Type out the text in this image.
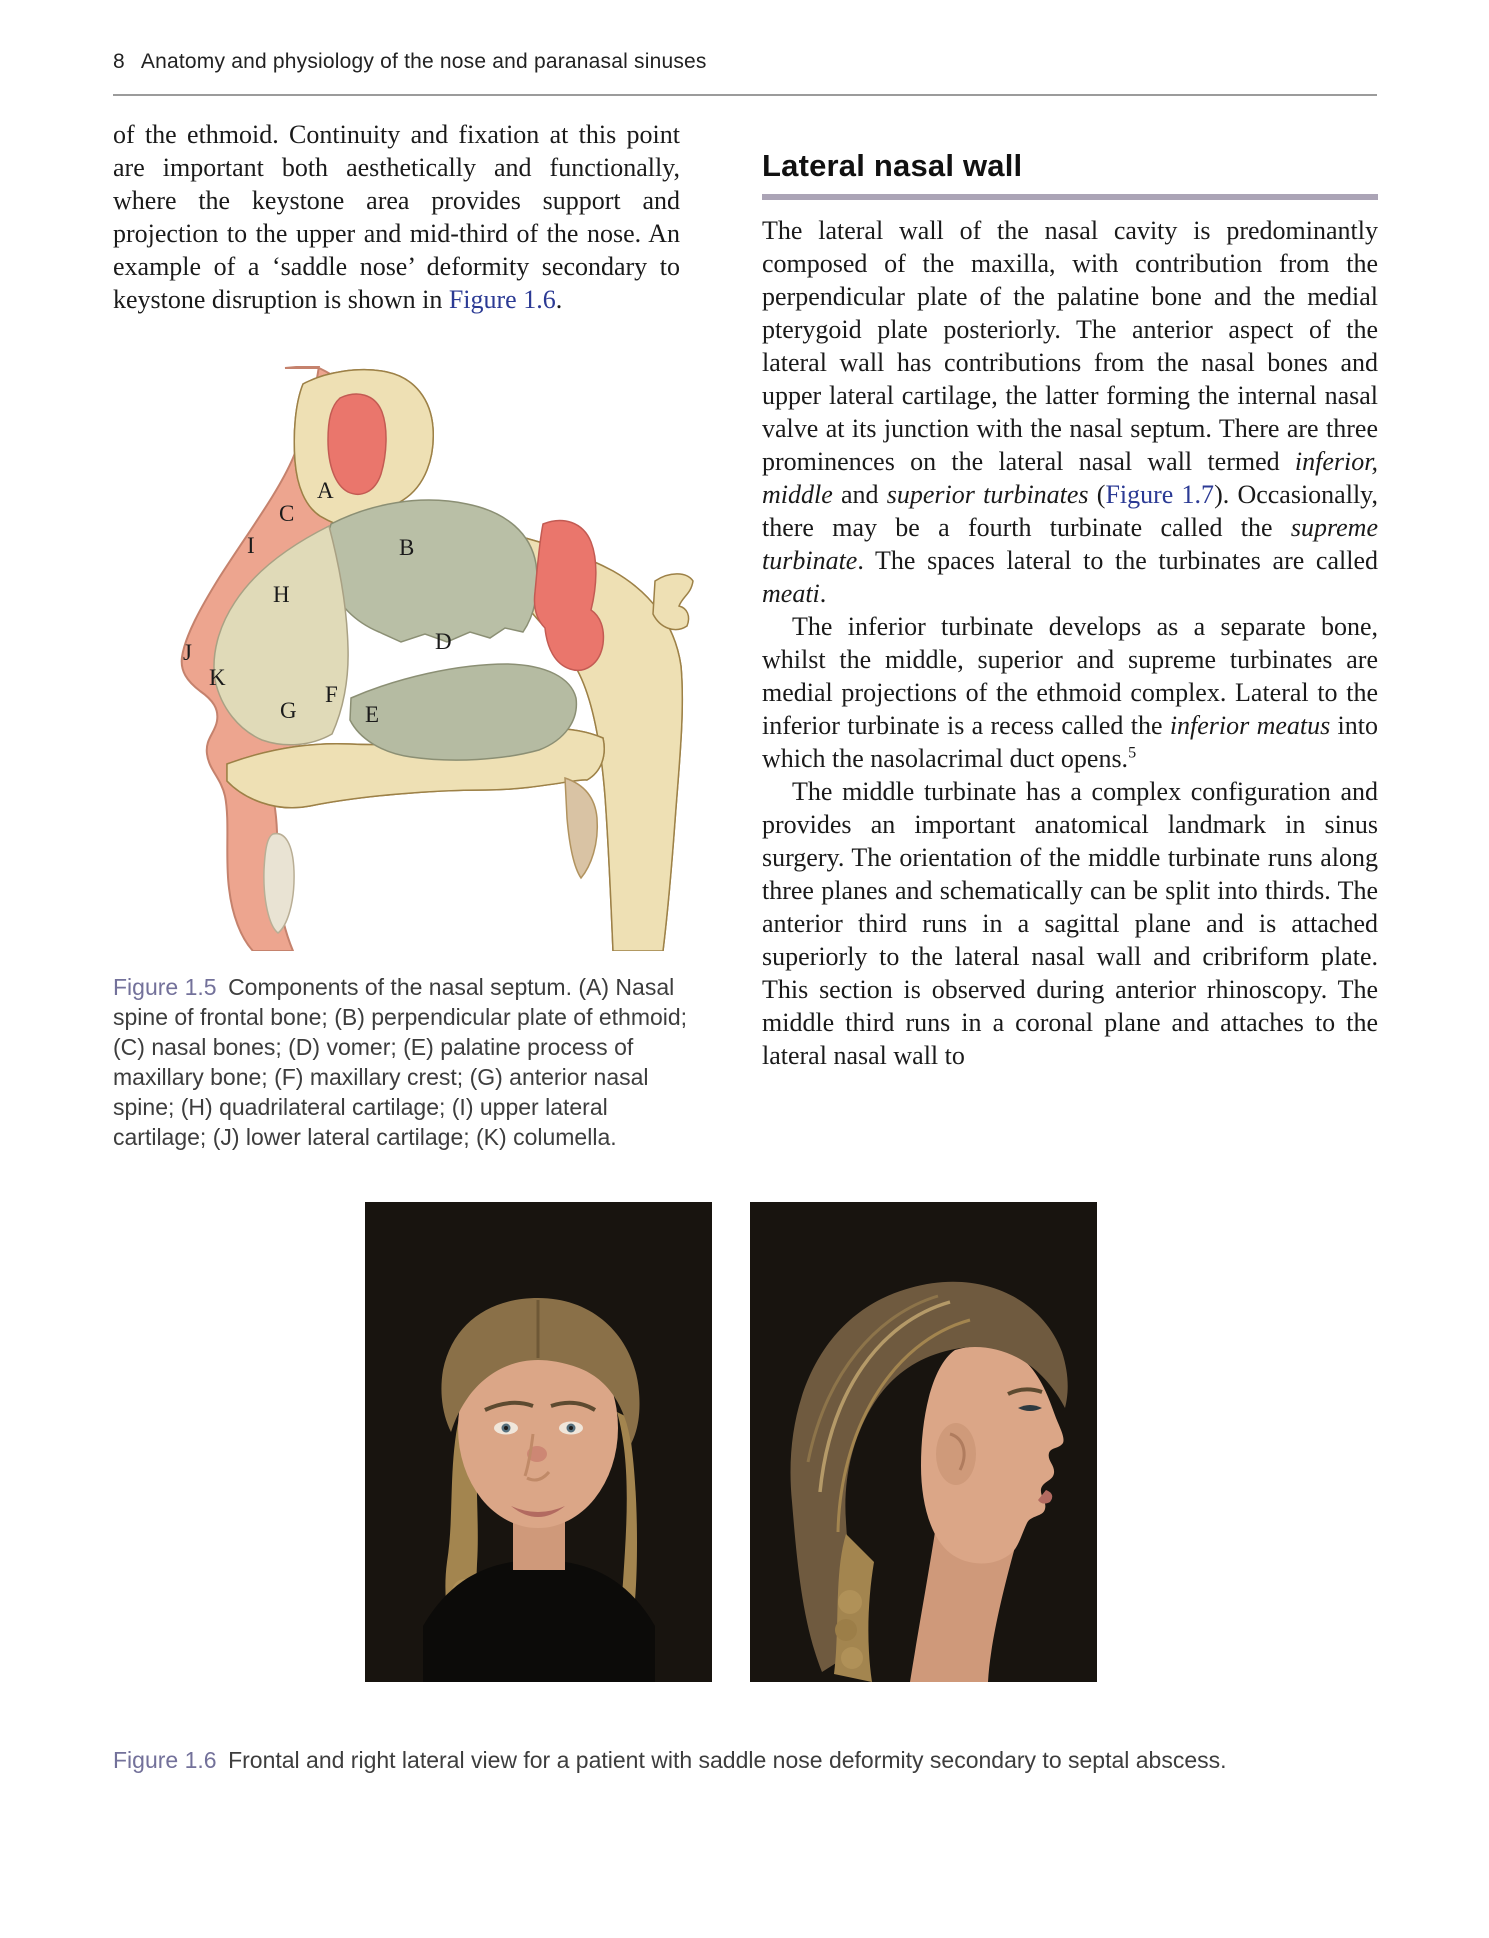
8 Anatomy and physiology of the nose and paranasal sinuses

of the ethmoid. Continuity and fixation at this point are important both aesthetically and functionally, where the keystone area provides support and projection to the upper and mid-third of the nose. An example of a ‘saddle nose’ deformity secondary to keystone disruption is shown in Figure 1.6.

A
B
C
D
E
F
G
H
I
J
K
Figure 1.5 Components of the nasal septum. (A) Nasal spine of frontal bone; (B) perpendicular plate of ethmoid; (C) nasal bones; (D) vomer; (E) palatine process of maxillary bone; (F) maxillary crest; (G) anterior nasal spine; (H) quadrilateral cartilage; (I) upper lateral cartilage; (J) lower lateral cartilage; (K) columella.
Lateral nasal wall

The lateral wall of the nasal cavity is predominantly composed of the maxilla, with contribution from the perpendicular plate of the palatine bone and the medial pterygoid plate posteriorly. The anterior aspect of the lateral wall has contributions from the nasal bones and upper lateral cartilage, the latter forming the internal nasal valve at its junction with the nasal septum. There are three prominences on the lateral nasal wall termed inferior, middle and superior turbinates (Figure 1.7). Occasionally, there may be a fourth turbinate called the supreme turbinate. The spaces lateral to the turbinates are called meati.

The inferior turbinate develops as a separate bone, whilst the middle, superior and supreme turbinates are medial projections of the ethmoid complex. Lateral to the inferior turbinate is a recess called the inferior meatus into which the nasolacrimal duct opens.$^5$

The middle turbinate has a complex configuration and provides an important anatomical landmark in sinus surgery. The orientation of the middle turbinate runs along three planes and schematically can be split into thirds. The anterior third runs in a sagittal plane and is attached superiorly to the lateral nasal wall and cribriform plate. This section is observed during anterior rhinoscopy. The middle third runs in a coronal plane and attaches to the lateral nasal wall to

Figure 1.6 Frontal and right lateral view for a patient with saddle nose deformity secondary to septal abscess.
